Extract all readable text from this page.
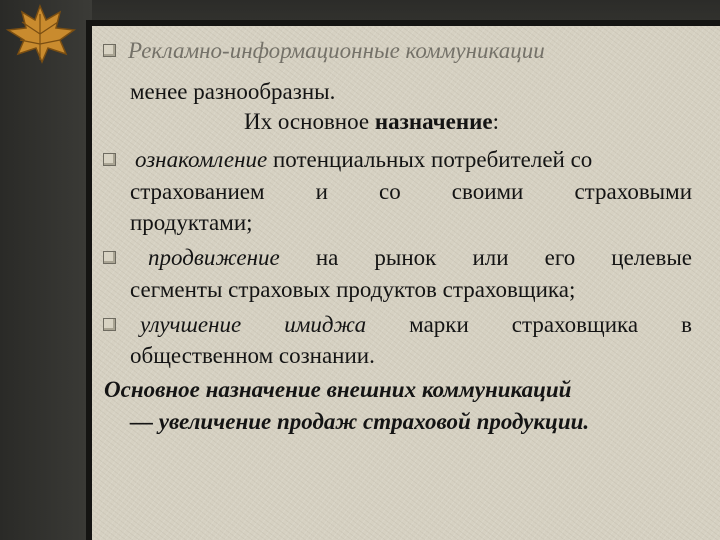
Рекламно-информационные коммуникации
менее разнообразны.
Их основное назначение:
ознакомление потенциальных потребителей со
страхованием и со своими страховыми
продуктами;
продвижение на рынок или его целевые
сегменты страховых продуктов страховщика;
улучшение имиджа марки страховщика в
общественном сознании.
Основное назначение внешних коммуникаций
— увеличение продаж страховой продукции.
